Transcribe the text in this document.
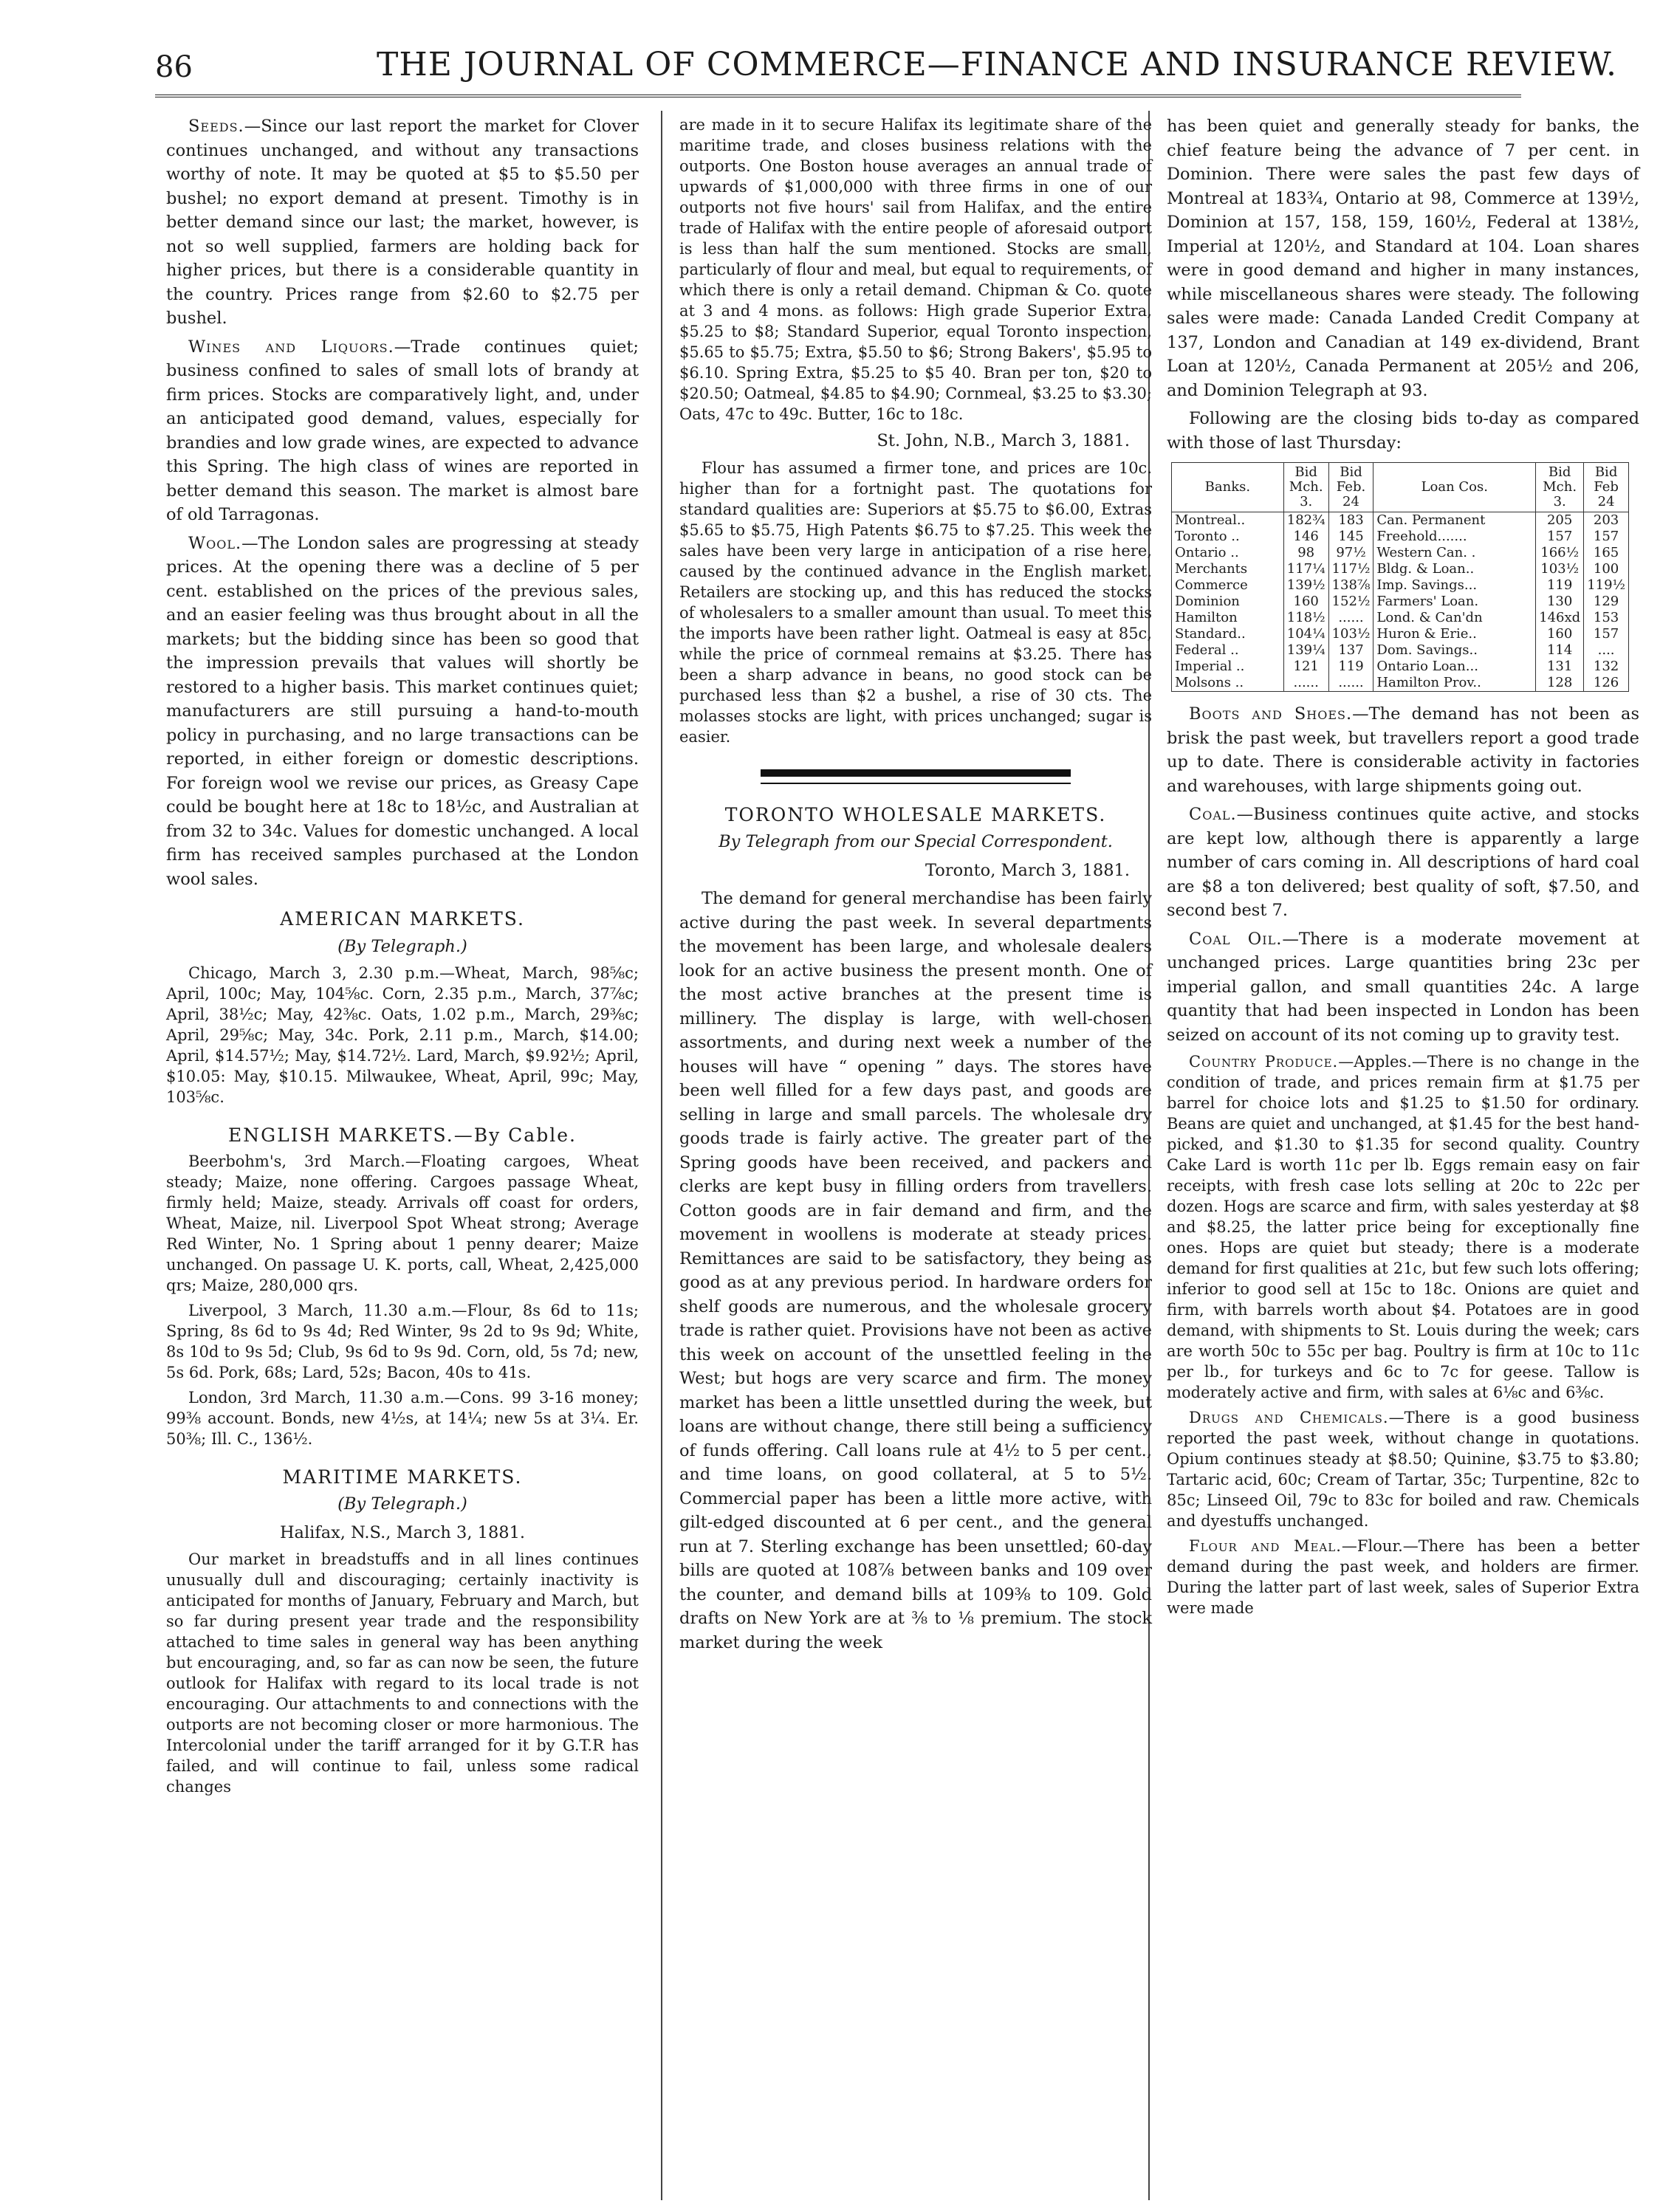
86	THE JOURNAL OF COMMERCE—FINANCE AND INSURANCE REVIEW.

Seeds.—Since our last report the market for Clover continues unchanged, and without any transactions worthy of note. It may be quoted at $5 to $5.50 per bushel; no export demand at present. Timothy is in better demand since our last; the market, however, is not so well supplied, farmers are holding back for higher prices, but there is a considerable quantity in the country. Prices range from $2.60 to $2.75 per bushel.

Wines and Liquors.—Trade continues quiet; business confined to sales of small lots of brandy at firm prices. Stocks are comparatively light, and, under an anticipated good demand, values, especially for brandies and low grade wines, are expected to advance this Spring. The high class of wines are reported in better demand this season. The market is almost bare of old Tarragonas.

Wool.—The London sales are progressing at steady prices. At the opening there was a decline of 5 per cent. established on the prices of the previous sales, and an easier feeling was thus brought about in all the markets; but the bidding since has been so good that the impression prevails that values will shortly be restored to a higher basis. This market continues quiet; manufacturers are still pursuing a hand-to-mouth policy in purchasing, and no large transactions can be reported, in either foreign or domestic descriptions. For foreign wool we revise our prices, as Greasy Cape could be bought here at 18c to 18½c, and Australian at from 32 to 34c. Values for domestic unchanged. A local firm has received samples purchased at the London wool sales.

AMERICAN MARKETS.
(By Telegraph.)

Chicago, March 3, 2.30 p.m.—Wheat, March, 98⅝c; April, 100c; May, 104⅝c. Corn, 2.35 p.m., March, 37⅞c; April, 38½c; May, 42⅜c. Oats, 1.02 p.m., March, 29⅜c; April, 29⅝c; May, 34c. Pork, 2.11 p.m., March, $14.00; April, $14.57½; May, $14.72½. Lard, March, $9.92½; April, $10.05: May, $10.15. Milwaukee, Wheat, April, 99c; May, 103⅝c.

ENGLISH MARKETS.—By Cable.

Beerbohm's, 3rd March.—Floating cargoes, Wheat steady; Maize, none offering. Cargoes passage Wheat, firmly held; Maize, steady. Arrivals off coast for orders, Wheat, Maize, nil. Liverpool Spot Wheat strong; Average Red Winter, No. 1 Spring about 1 penny dearer; Maize unchanged. On passage U. K. ports, call, Wheat, 2,425,000 qrs; Maize, 280,000 qrs.

Liverpool, 3 March, 11.30 a.m.—Flour, 8s 6d to 11s; Spring, 8s 6d to 9s 4d; Red Winter, 9s 2d to 9s 9d; White, 8s 10d to 9s 5d; Club, 9s 6d to 9s 9d. Corn, old, 5s 7d; new, 5s 6d. Pork, 68s; Lard, 52s; Bacon, 40s to 41s.

London, 3rd March, 11.30 a.m.—Cons. 99 3-16 money; 99⅜ account. Bonds, new 4½s, at 14¼; new 5s at 3¼. Er. 50⅜; Ill. C., 136½.

MARITIME MARKETS.
(By Telegraph.)
Halifax, N.S., March 3, 1881.

Our market in breadstuffs and in all lines continues unusually dull and discouraging; certainly inactivity is anticipated for months of January, February and March, but so far during present year trade and the responsibility attached to time sales in general way has been anything but encouraging, and, so far as can now be seen, the future outlook for Halifax with regard to its local trade is not encouraging. Our attachments to and connections with the outports are not becoming closer or more harmonious. The Intercolonial under the tariff arranged for it by G.T.R has failed, and will continue to fail, unless some radical changes

are made in it to secure Halifax its legitimate share of the maritime trade, and closes business relations with the outports. One Boston house averages an annual trade of upwards of $1,000,000 with three firms in one of our outports not five hours' sail from Halifax, and the entire trade of Halifax with the entire people of aforesaid outport is less than half the sum mentioned. Stocks are small, particularly of flour and meal, but equal to requirements, of which there is only a retail demand. Chipman & Co. quote at 3 and 4 mons. as follows: High grade Superior Extra, $5.25 to $8; Standard Superior, equal Toronto inspection, $5.65 to $5.75; Extra, $5.50 to $6; Strong Bakers', $5.95 to $6.10. Spring Extra, $5.25 to $5 40. Bran per ton, $20 to $20.50; Oatmeal, $4.85 to $4.90; Cornmeal, $3.25 to $3.30; Oats, 47c to 49c. Butter, 16c to 18c.

St. John, N.B., March 3, 1881.

Flour has assumed a firmer tone, and prices are 10c. higher than for a fortnight past. The quotations for standard qualities are: Superiors at $5.75 to $6.00, Extras $5.65 to $5.75, High Patents $6.75 to $7.25. This week the sales have been very large in anticipation of a rise here, caused by the continued advance in the English market. Retailers are stocking up, and this has reduced the stocks of wholesalers to a smaller amount than usual. To meet this the imports have been rather light. Oatmeal is easy at 85c, while the price of cornmeal remains at $3.25. There has been a sharp advance in beans, no good stock can be purchased less than $2 a bushel, a rise of 30 cts. The molasses stocks are light, with prices unchanged; sugar is easier.

TORONTO WHOLESALE MARKETS.
By Telegraph from our Special Correspondent.
Toronto, March 3, 1881.

The demand for general merchandise has been fairly active during the past week. In several departments the movement has been large, and wholesale dealers look for an active business the present month. One of the most active branches at the present time is millinery. The display is large, with well-chosen assortments, and during next week a number of the houses will have “ opening ” days. The stores have been well filled for a few days past, and goods are selling in large and small parcels. The wholesale dry goods trade is fairly active. The greater part of the Spring goods have been received, and packers and clerks are kept busy in filling orders from travellers. Cotton goods are in fair demand and firm, and the movement in woollens is moderate at steady prices. Remittances are said to be satisfactory, they being as good as at any previous period. In hardware orders for shelf goods are numerous, and the wholesale grocery trade is rather quiet. Provisions have not been as active this week on account of the unsettled feeling in the West; but hogs are very scarce and firm. The money market has been a little unsettled during the week, but loans are without change, there still being a sufficiency of funds offering. Call loans rule at 4½ to 5 per cent., and time loans, on good collateral, at 5 to 5½. Commercial paper has been a little more active, with gilt-edged discounted at 6 per cent., and the general run at 7. Sterling exchange has been unsettled; 60-day bills are quoted at 108⅞ between banks and 109 over the counter, and demand bills at 109⅜ to 109. Gold drafts on New York are at ⅜ to ⅛ premium. The stock market during the week

has been quiet and generally steady for banks, the chief feature being the advance of 7 per cent. in Dominion. There were sales the past few days of Montreal at 183¾, Ontario at 98, Commerce at 139½, Dominion at 157, 158, 159, 160½, Federal at 138½, Imperial at 120½, and Standard at 104. Loan shares were in good demand and higher in many instances, while miscellaneous shares were steady. The following sales were made: Canada Landed Credit Company at 137, London and Canadian at 149 ex-dividend, Brant Loan at 120½, Canada Permanent at 205½ and 206, and Dominion Telegraph at 93.

Following are the closing bids to-day as compared with those of last Thursday:

Banks.	Bid Mch. 3.	Bid Feb. 24	Loan Cos.	Bid Mch. 3.	Bid Feb 24
Montreal..	182¾	183	Can. Permanent	205	203
Toronto ..	146	145	Freehold.......	157	157
Ontario ..	98	97½	Western Can. .	166½	165
Merchants	117¼	117½	Bldg. & Loan..	103½	100
Commerce	139½	138⅞	Imp. Savings...	119	119½
Dominion	160	152½	Farmers' Loan.	130	129
Hamilton	118½	......	Lond. & Can'dn	146xd	153
Standard..	104¼	103½	Huron & Erie..	160	157
Federal ..	139¼	137	Dom. Savings..	114	....
Imperial ..	121	119	Ontario Loan...	131	132
Molsons ..	......	......	Hamilton Prov..	128	126

Boots and Shoes.—The demand has not been as brisk the past week, but travellers report a good trade up to date. There is considerable activity in factories and warehouses, with large shipments going out.

Coal.—Business continues quite active, and stocks are kept low, although there is apparently a large number of cars coming in. All descriptions of hard coal are $8 a ton delivered; best quality of soft, $7.50, and second best 7.

Coal Oil.—There is a moderate movement at unchanged prices. Large quantities bring 23c per imperial gallon, and small quantities 24c. A large quantity that had been inspected in London has been seized on account of its not coming up to gravity test.

Country Produce.—Apples.—There is no change in the condition of trade, and prices remain firm at $1.75 per barrel for choice lots and $1.25 to $1.50 for ordinary. Beans are quiet and unchanged, at $1.45 for the best hand-picked, and $1.30 to $1.35 for second quality. Country Cake Lard is worth 11c per lb. Eggs remain easy on fair receipts, with fresh case lots selling at 20c to 22c per dozen. Hogs are scarce and firm, with sales yesterday at $8 and $8.25, the latter price being for exceptionally fine ones. Hops are quiet but steady; there is a moderate demand for first qualities at 21c, but few such lots offering; inferior to good sell at 15c to 18c. Onions are quiet and firm, with barrels worth about $4. Potatoes are in good demand, with shipments to St. Louis during the week; cars are worth 50c to 55c per bag. Poultry is firm at 10c to 11c per lb., for turkeys and 6c to 7c for geese. Tallow is moderately active and firm, with sales at 6⅛c and 6⅜c.

Drugs and Chemicals.—There is a good business reported the past week, without change in quotations. Opium continues steady at $8.50; Quinine, $3.75 to $3.80; Tartaric acid, 60c; Cream of Tartar, 35c; Turpentine, 82c to 85c; Linseed Oil, 79c to 83c for boiled and raw. Chemicals and dyestuffs unchanged.

Flour and Meal.—Flour.—There has been a better demand during the past week, and holders are firmer. During the latter part of last week, sales of Superior Extra were made
